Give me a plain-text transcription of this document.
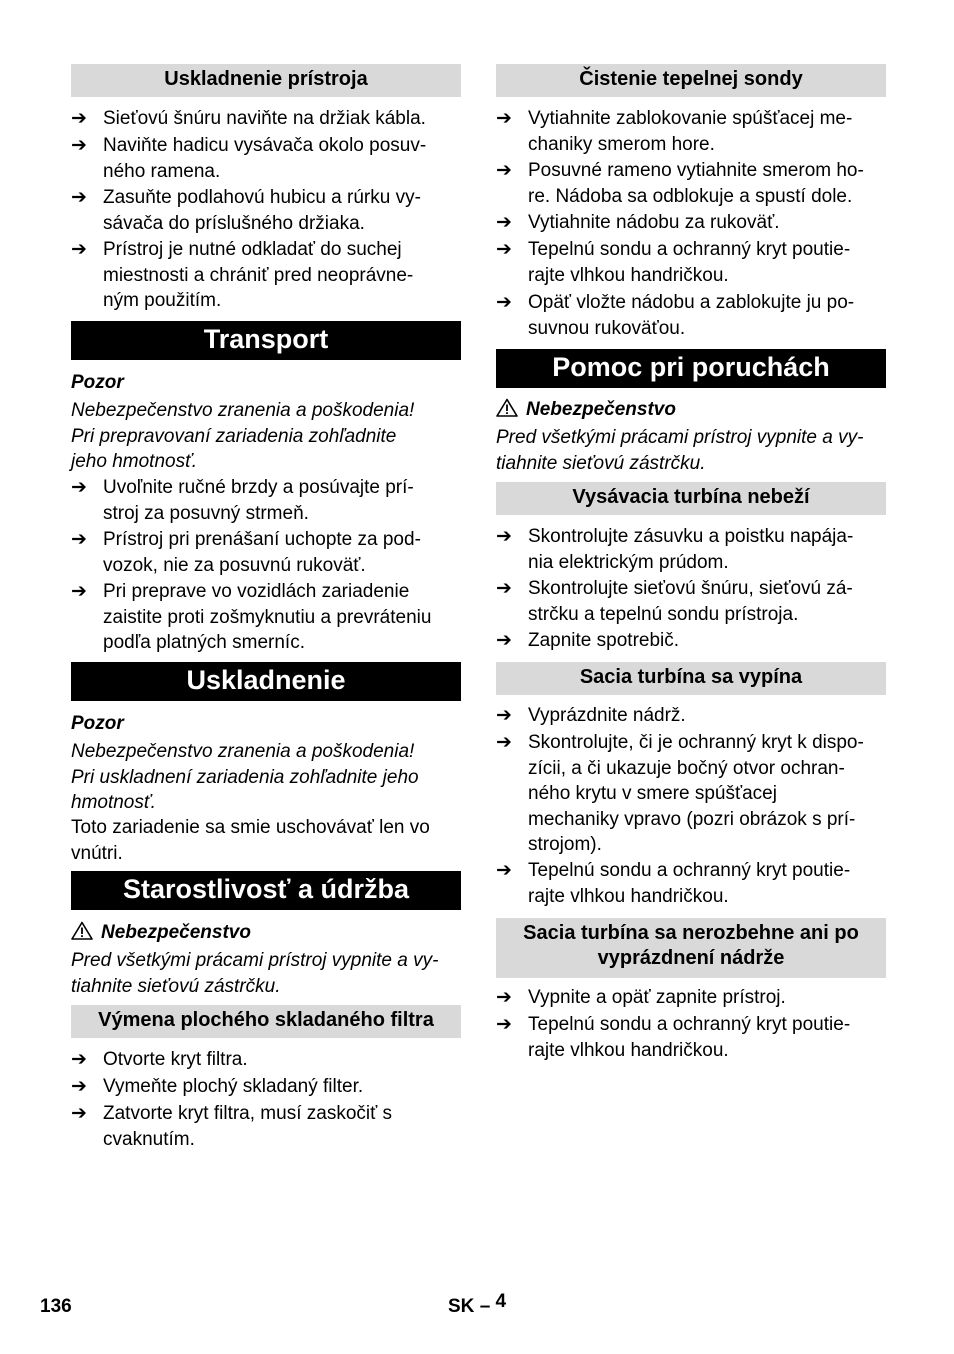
Uskladnenie prístroja
➔ Sieťovú šnúru naviňte na držiak kábla.
➔ Naviňte hadicu vysávača okolo posuv-
ného ramena.
➔ Zasuňte podlahovú hubicu a rúrku vy-
sávača do príslušného držiaka.
➔ Prístroj je nutné odkladať do suchej
miestnosti a chrániť pred neoprávne-
ným použitím.
Transport
Pozor
Nebezpečenstvo zranenia a poškodenia!
Pri prepravovaní zariadenia zohľadnite
jeho hmotnosť.
➔ Uvoľnite ručné brzdy a posúvajte prí-
stroj za posuvný strmeň.
➔ Prístroj pri prenášaní uchopte za pod-
vozok, nie za posuvnú rukoväť.
➔ Pri preprave vo vozidlách zariadenie
zaistite proti zošmyknutiu a prevráteniu
podľa platných smerníc.
Uskladnenie
Pozor
Nebezpečenstvo zranenia a poškodenia!
Pri uskladnení zariadenia zohľadnite jeho
hmotnosť.
Toto zariadenie sa smie uschovávať len vo
vnútri.
Starostlivosť a údržba
Nebezpečenstvo
Pred všetkými prácami prístroj vypnite a vy-
tiahnite sieťovú zástrčku.
Výmena plochého skladaného filtra
➔ Otvorte kryt filtra.
➔ Vymeňte plochý skladaný filter.
➔ Zatvorte kryt filtra, musí zaskočiť s
cvaknutím.
Čistenie tepelnej sondy
➔ Vytiahnite zablokovanie spúšťacej me-
chaniky smerom hore.
➔ Posuvné rameno vytiahnite smerom ho-
re. Nádoba sa odblokuje a spustí dole.
➔ Vytiahnite nádobu za rukoväť.
➔ Tepelnú sondu a ochranný kryt poutie-
rajte vlhkou handričkou.
➔ Opäť vložte nádobu a zablokujte ju po-
suvnou rukoväťou.
Pomoc pri poruchách
Nebezpečenstvo
Pred všetkými prácami prístroj vypnite a vy-
tiahnite sieťovú zástrčku.
Vysávacia turbína nebeží
➔ Skontrolujte zásuvku a poistku napája-
nia elektrickým prúdom.
➔ Skontrolujte sieťovú šnúru, sieťovú zá-
strčku a tepelnú sondu prístroja.
➔ Zapnite spotrebič.
Sacia turbína sa vypína
➔ Vyprázdnite nádrž.
➔ Skontrolujte, či je ochranný kryt k dispo-
zícii, a či ukazuje bočný otvor ochran-
ného krytu v smere spúšťacej
mechaniky vpravo (pozri obrázok s prí-
strojom).
➔ Tepelnú sondu a ochranný kryt poutie-
rajte vlhkou handričkou.
Sacia turbína sa nerozbehne ani po
vyprázdnení nádrže
➔ Vypnite a opäť zapnite prístroj.
➔ Tepelnú sondu a ochranný kryt poutie-
rajte vlhkou handričkou.
136	SK – 4
